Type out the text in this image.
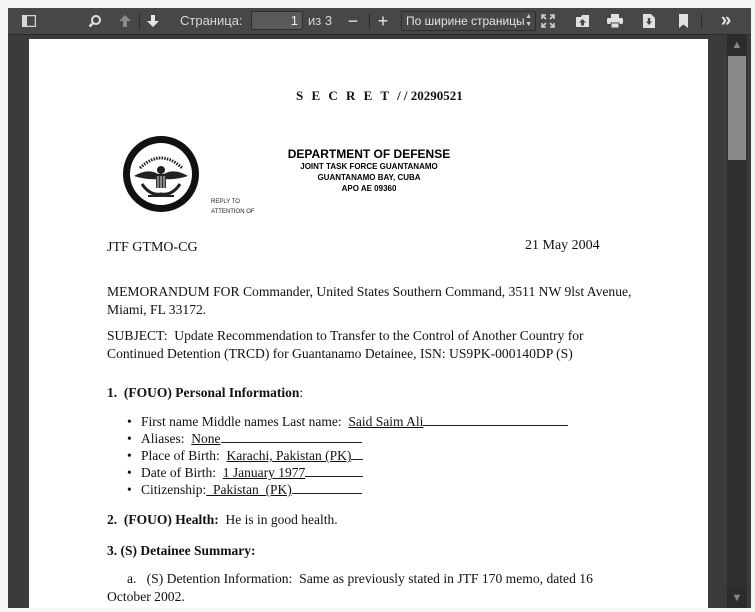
Страница:
1	из 3 − +	По ширине страницы ▲
▼	»
S E C R E T / / 20290521
DEPARTMENT OF DEFENSE
JOINT TASK FORCE GUANTANAMO
GUANTANAMO BAY, CUBA
APO AE 09360
REPLY TO
ATTENTION OF
JTF GTMO-CG	21 May 2004
MEMORANDUM FOR Commander, United States Southern Command, 3511 NW 9lst Avenue,
Miami, FL 33172.
SUBJECT:  Update Recommendation to Transfer to the Control of Another Country for
Continued Detention (TRCD) for Guantanamo Detainee, ISN: US9PK-000140DP (S)
1.  (FOUO) Personal Information:
• First name Middle names Last name:  Said Saim Ali
• Aliases:  None
• Place of Birth:  Karachi, Pakistan (PK)
• Date of Birth:  1 January 1977
• Citizenship:  Pakistan  (PK)
2.  (FOUO) Health:  He is in good health.
3. (S) Detainee Summary:
a.   (S) Detention Information:  Same as previously stated in JTF 170 memo, dated 16
October 2002.
▲
▼
